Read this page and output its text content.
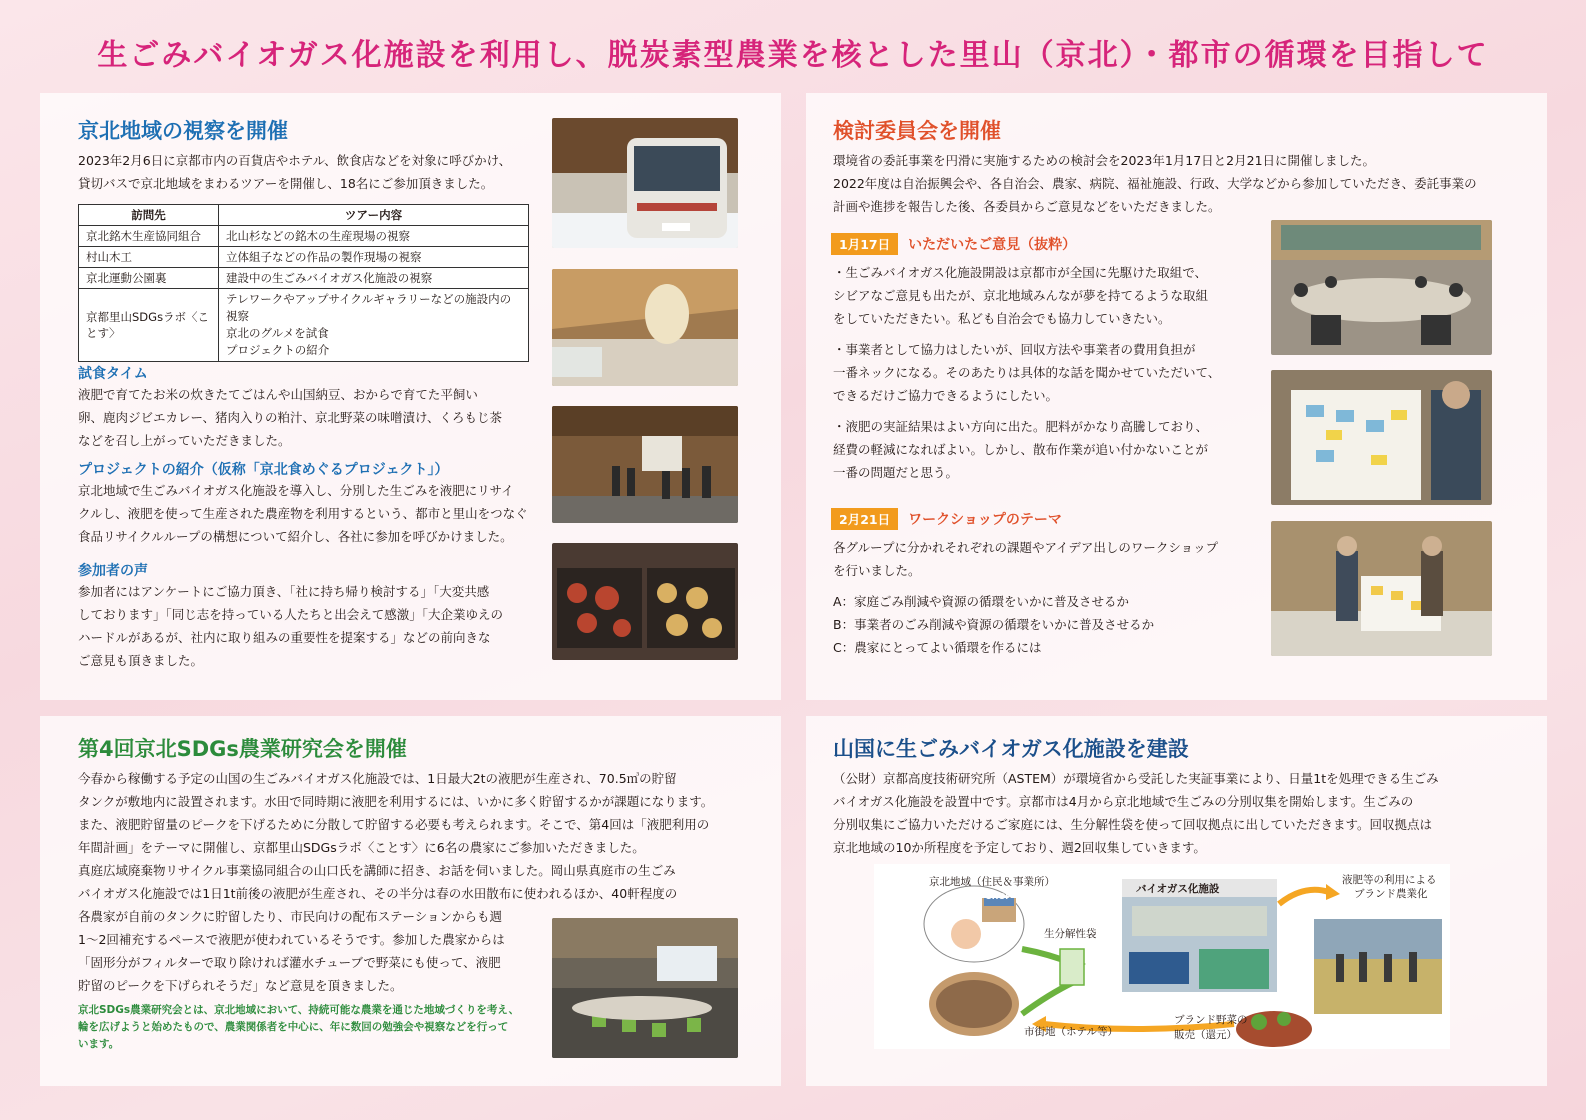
生ごみバイオガス化施設を利用し、脱炭素型農業を核とした里山（京北）・都市の循環を目指して
京北地域の視察を開催
2023年2月6日に京都市内の百貨店やホテル、飲食店などを対象に呼びかけ、
貸切バスで京北地域をまわるツアーを開催し、18名にご参加頂きました。
訪問先	ツアー内容
京北銘木生産協同組合	北山杉などの銘木の生産現場の視察
村山木工	立体組子などの作品の製作現場の視察
京北運動公園裏	建設中の生ごみバイオガス化施設の視察
京都里山SDGsラボ〈ことす〉	テレワークやアップサイクルギャラリーなどの施設内の視察
京北のグルメを試食
プロジェクトの紹介
試食タイム
液肥で育てたお米の炊きたてごはんや山国納豆、おからで育てた平飼い
卵、鹿肉ジビエカレー、猪肉入りの粕汁、京北野菜の味噌漬け、くろもじ茶
などを召し上がっていただきました。
プロジェクトの紹介（仮称「京北食めぐるプロジェクト」）
京北地域で生ごみバイオガス化施設を導入し、分別した生ごみを液肥にリサイ
クルし、液肥を使って生産された農産物を利用するという、都市と里山をつなぐ
食品リサイクルループの構想について紹介し、各社に参加を呼びかけました。
参加者の声
参加者にはアンケートにご協力頂き、「社に持ち帰り検討する」「大変共感
しております」「同じ志を持っている人たちと出会えて感激」「大企業ゆえの
ハードルがあるが、社内に取り組みの重要性を提案する」などの前向きな
ご意見も頂きました。
検討委員会を開催
環境省の委託事業を円滑に実施するための検討会を2023年1月17日と2月21日に開催しました。
2022年度は自治振興会や、各自治会、農家、病院、福祉施設、行政、大学などから参加していただき、委託事業の
計画や進捗を報告した後、各委員からご意見などをいただきました。
1月17日 いただいたご意見（抜粋）
・生ごみバイオガス化施設開設は京都市が全国に先駆けた取組で、
シビアなご意見も出たが、京北地域みんなが夢を持てるような取組
をしていただきたい。私ども自治会でも協力していきたい。
・事業者として協力はしたいが、回収方法や事業者の費用負担が
一番ネックになる。そのあたりは具体的な話を聞かせていただいて、
できるだけご協力できるようにしたい。
・液肥の実証結果はよい方向に出た。肥料がかなり高騰しており、
経費の軽減になればよい。しかし、散布作業が追い付かないことが
一番の問題だと思う。
2月21日 ワークショップのテーマ
各グループに分かれそれぞれの課題やアイデア出しのワークショップ
を行いました。
A：家庭ごみ削減や資源の循環をいかに普及させるか
B：事業者のごみ削減や資源の循環をいかに普及させるか
C：農家にとってよい循環を作るには
第4回京北SDGs農業研究会を開催
今春から稼働する予定の山国の生ごみバイオガス化施設では、1日最大2tの液肥が生産され、70.5㎥の貯留
タンクが敷地内に設置されます。水田で同時期に液肥を利用するには、いかに多く貯留するかが課題になります。
また、液肥貯留量のピークを下げるために分散して貯留する必要も考えられます。そこで、第4回は「液肥利用の
年間計画」をテーマに開催し、京都里山SDGsラボ〈ことす〉に6名の農家にご参加いただきました。
真庭広域廃棄物リサイクル事業協同組合の山口氏を講師に招き、お話を伺いました。岡山県真庭市の生ごみ
バイオガス化施設では1日1t前後の液肥が生産され、その半分は春の水田散布に使われるほか、40軒程度の
各農家が自前のタンクに貯留したり、市民向けの配布ステーションからも週
1〜2回補充するペースで液肥が使われているそうです。参加した農家からは
「固形分がフィルターで取り除ければ灌水チューブで野菜にも使って、液肥
貯留のピークを下げられそうだ」など意見を頂きました。
京北SDGs農業研究会とは、京北地域において、持続可能な農業を通じた地域づくりを考え、
輪を広げようと始めたもので、農業関係者を中心に、年に数回の勉強会や視察などを行って
います。
山国に生ごみバイオガス化施設を建設
（公財）京都高度技術研究所（ASTEM）が環境省から受託した実証事業により、日量1tを処理できる生ごみ
バイオガス化施設を設置中です。京都市は4月から京北地域で生ごみの分別収集を開始します。生ごみの
分別収集にご協力いただけるご家庭には、生分解性袋を使って回収拠点に出していただきます。回収拠点は
京北地域の10か所程度を予定しており、週2回収集していきます。
京北地域（住民＆事業所）
SHOP
生分解性袋
バイオガス化施設
液肥等の利用による
ブランド農業化
市街地（ホテル等）
ブランド野菜の
販売（還元）
